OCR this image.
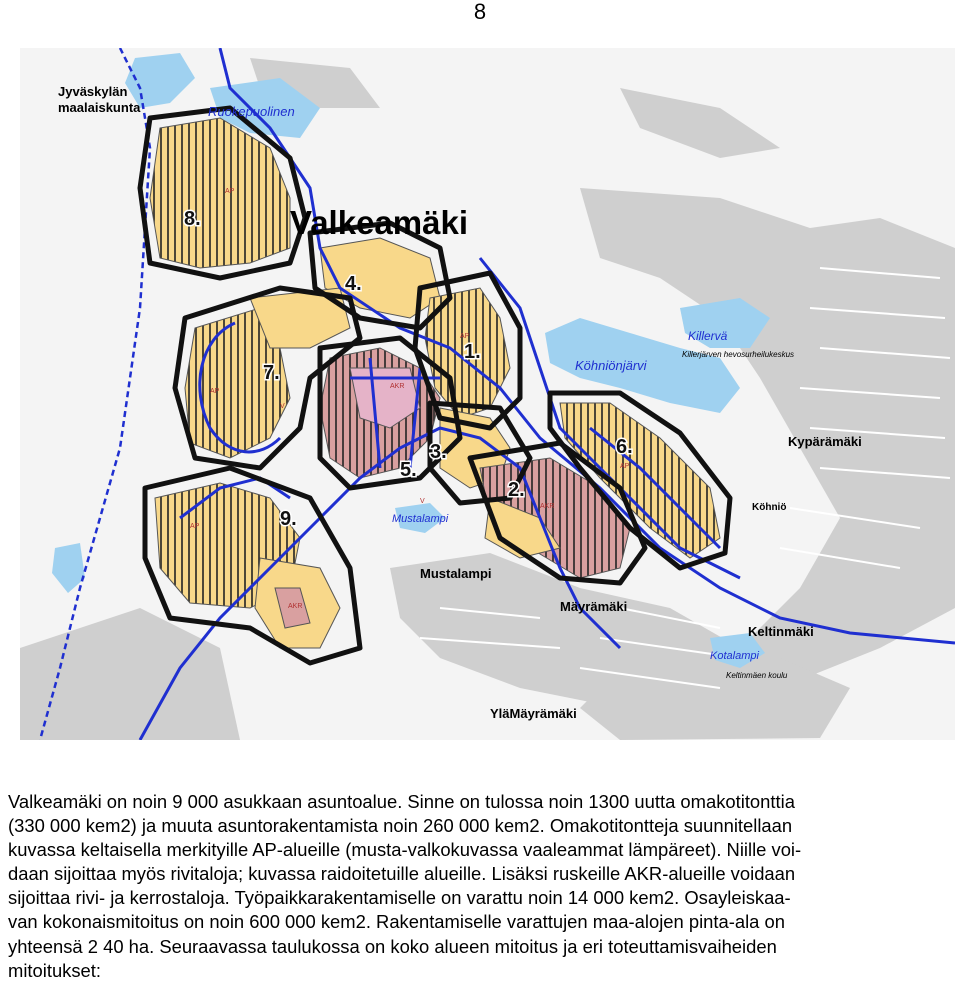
8
AP
AP
AP
AKR
AKR
AP
AP
AKR
V
V
Jyväskylän
maalaiskunta	Ruokepuolinen
Valkeamäki
Killervä
Killerjärven hevosurheilukeskus
Köhniönjärvi
Kypärämäki
Köhniö
Mustalampi
Mustalampi
Mäyrämäki
Keltinmäki
Kotalampi
Keltinmäen koulu
YläMäyrämäki
1.
2.
3.
4.
5.
6.
7.
8.
9.

Valkeamäki on noin 9 000 asukkaan asuntoalue. Sinne on tulossa noin 1300 uutta omakotitonttia

(330 000 kem2) ja muuta asuntorakentamista noin 260 000 kem2. Omakotitontteja suunnitellaan

kuvassa keltaisella merkityille AP-alueille (musta-valkokuvassa vaaleammat lämpäreet). Niille voi-

daan sijoittaa myös rivitaloja; kuvassa raidoitetuille alueille. Lisäksi ruskeille AKR-alueille voidaan

sijoittaa rivi- ja kerrostaloja. Työpaikkarakentamiselle on varattu noin 14 000 kem2. Osayleiskaa-

van kokonaismitoitus on noin 600 000 kem2. Rakentamiselle varattujen maa-alojen pinta-ala on

yhteensä 2 40 ha. Seuraavassa taulukossa on koko alueen mitoitus ja eri toteuttamisvaiheiden

mitoitukset:
